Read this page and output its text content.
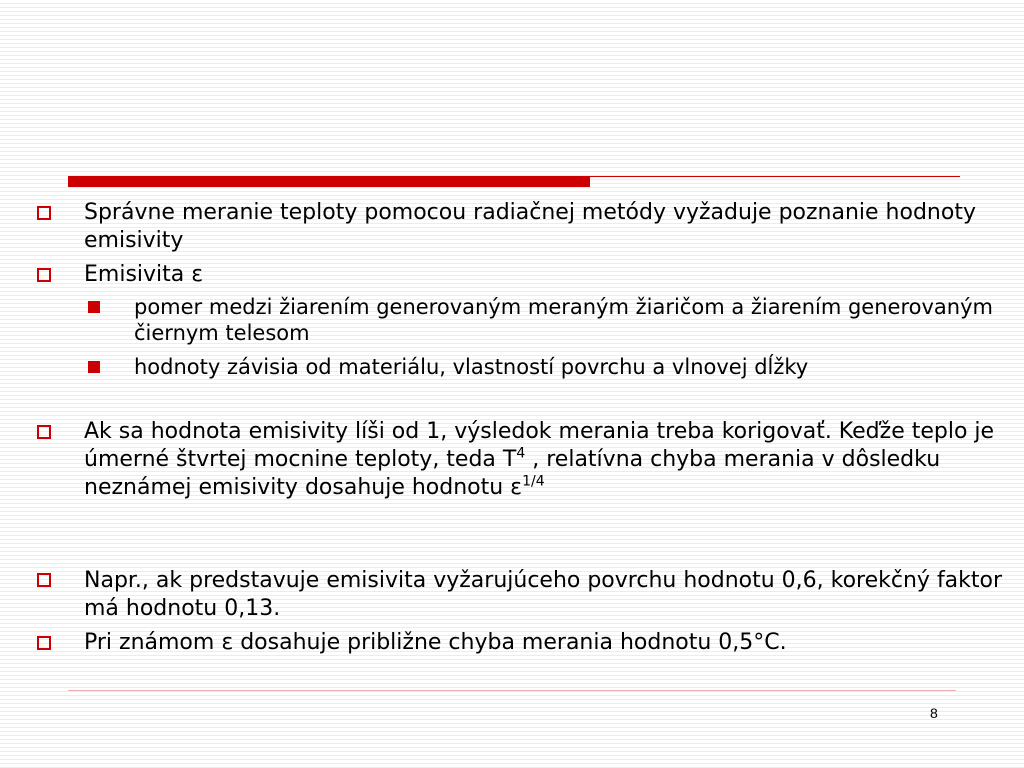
Správne meranie teploty pomocou radiačnej metódy vyžaduje poznanie hodnoty emisivity
Emisivita ε
pomer medzi žiarením generovaným meraným žiaričom a žiarením generovaným čiernym telesom
hodnoty závisia od materiálu, vlastností povrchu a vlnovej dĺžky
Ak sa hodnota emisivity líši od 1, výsledok merania treba korigovať. Keďže teplo je úmerné štvrtej mocnine teploty, teda $T^4$ , relatívna chyba merania v dôsledku neznámej emisivity dosahuje hodnotu $\varepsilon^{1/4}$
Napr., ak predstavuje emisivita vyžarujúceho povrchu hodnotu 0,6, korekčný faktor má hodnotu 0,13.
Pri známom ε dosahuje približne chyba merania hodnotu 0,5°C.
8
